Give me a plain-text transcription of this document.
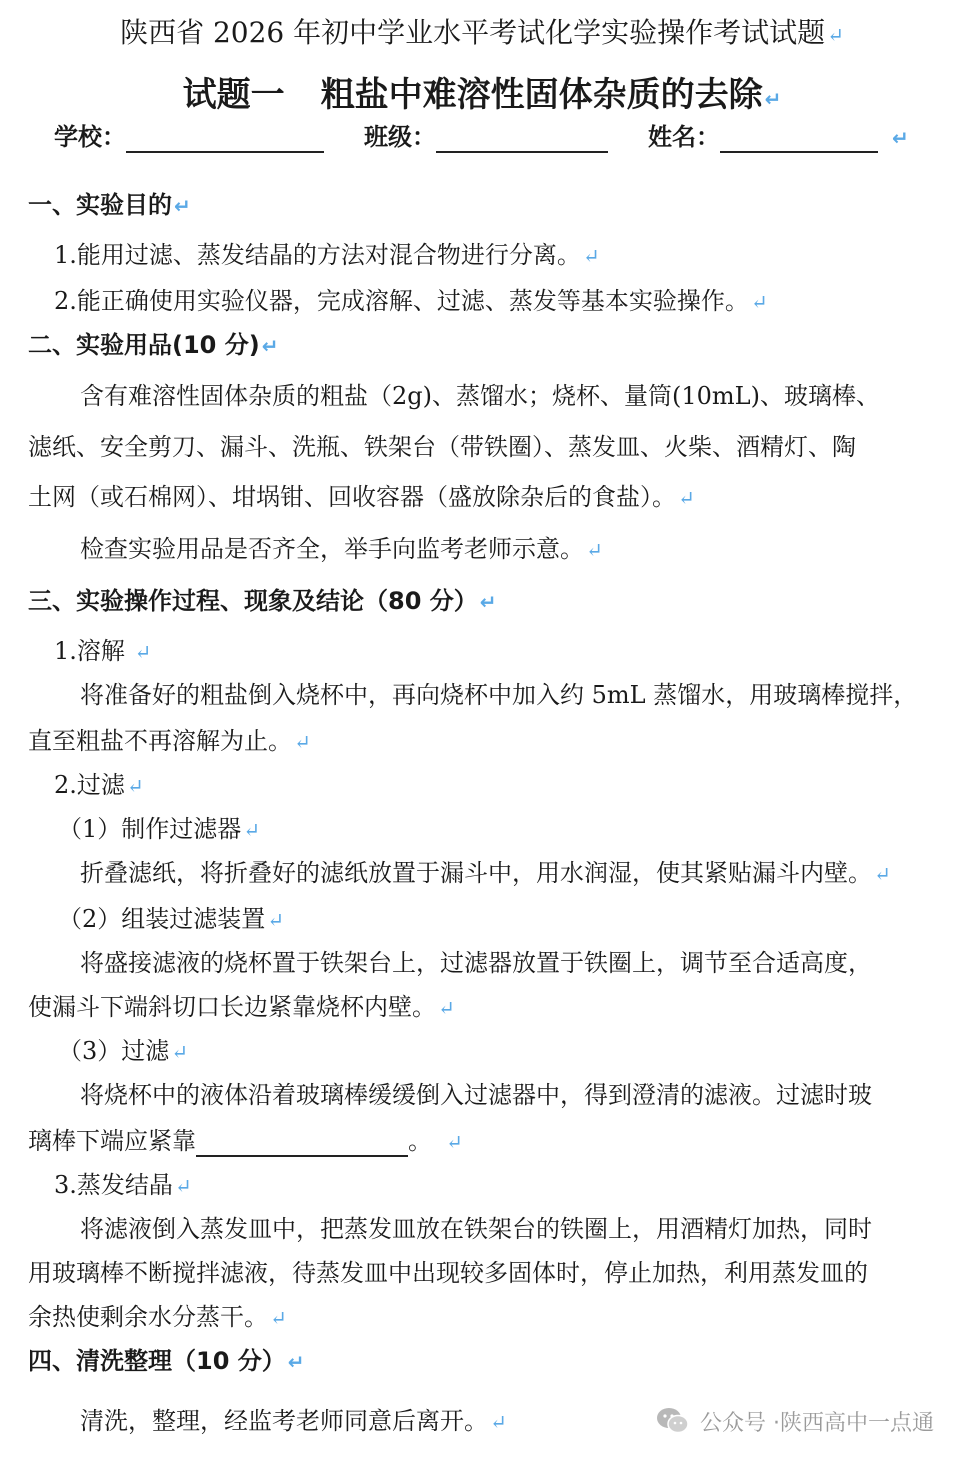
陕西省 2026 年初中学业水平考试化学实验操作考试试题 ↵
试题一 粗盐中难溶性固体杂质的去除 ↵
学校：	班级：	姓名：	↵
一、实验目的 ↵
1.能用过滤、蒸发结晶的方法对混合物进行分离。 ↵
2.能正确使用实验仪器，完成溶解、过滤、蒸发等基本实验操作。 ↵
二、实验用品(10 分) ↵
含有难溶性固体杂质的粗盐（2g)、蒸馏水；烧杯、量筒(10mL)、玻璃棒、
滤纸、安全剪刀、漏斗、洗瓶、铁架台（带铁圈）、蒸发皿、火柴、酒精灯、陶
土网（或石棉网）、坩埚钳、回收容器（盛放除杂后的食盐）。 ↵
检查实验用品是否齐全，举手向监考老师示意。 ↵
三、实验操作过程、现象及结论（80 分） ↵
1.溶解 ↵
将准备好的粗盐倒入烧杯中，再向烧杯中加入约 5mL 蒸馏水，用玻璃棒搅拌，
直至粗盐不再溶解为止。 ↵
2.过滤 ↵
（1）制作过滤器 ↵
折叠滤纸，将折叠好的滤纸放置于漏斗中，用水润湿，使其紧贴漏斗内壁。 ↵
（2）组装过滤装置 ↵
将盛接滤液的烧杯置于铁架台上，过滤器放置于铁圈上，调节至合适高度，
使漏斗下端斜切口长边紧靠烧杯内壁。 ↵
（3）过滤 ↵
将烧杯中的液体沿着玻璃棒缓缓倒入过滤器中，得到澄清的滤液。过滤时玻
璃棒下端应紧靠	。 ↵
3.蒸发结晶 ↵
将滤液倒入蒸发皿中，把蒸发皿放在铁架台的铁圈上，用酒精灯加热，同时
用玻璃棒不断搅拌滤液，待蒸发皿中出现较多固体时，停止加热，利用蒸发皿的
余热使剩余水分蒸干。 ↵
四、清洗整理（10 分） ↵
清洗，整理，经监考老师同意后离开。 ↵	公众号 · 陕西高中一点通
